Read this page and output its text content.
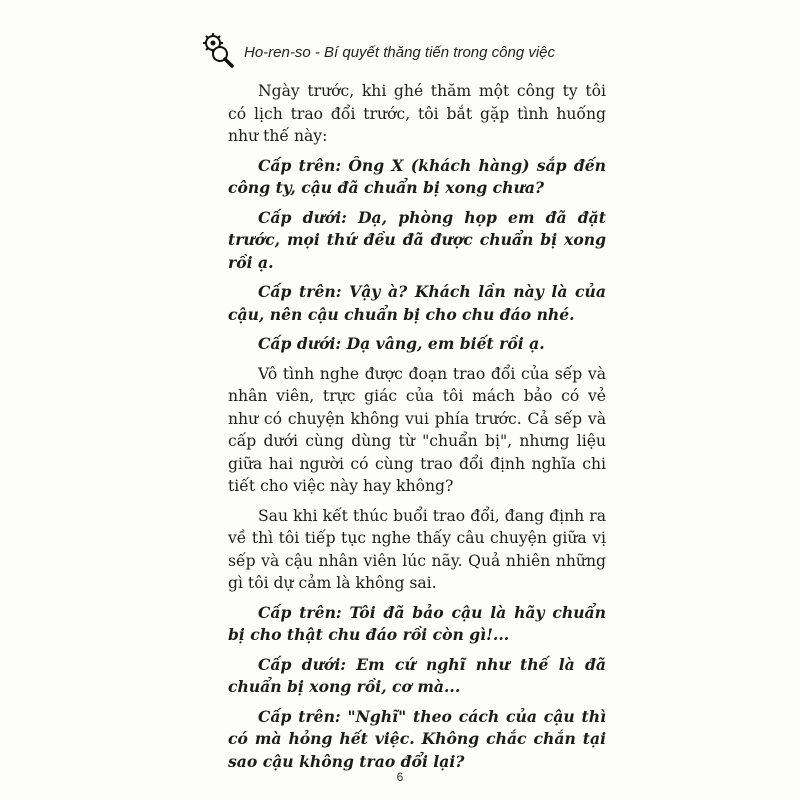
Ho-ren-so - Bí quyết thăng tiến trong công việc

Ngày trước, khi ghé thăm một công ty tôi có lịch trao đổi trước, tôi bắt gặp tình huống như thế này:

Cấp trên: Ông X (khách hàng) sắp đến công ty, cậu đã chuẩn bị xong chưa?

Cấp dưới: Dạ, phòng họp em đã đặt trước, mọi thứ đều đã được chuẩn bị xong rồi ạ.

Cấp trên: Vậy à? Khách lần này là của cậu, nên cậu chuẩn bị cho chu đáo nhé.

Cấp dưới: Dạ vâng, em biết rồi ạ.

Vô tình nghe được đoạn trao đổi của sếp và nhân viên, trực giác của tôi mách bảo có vẻ như có chuyện không vui phía trước. Cả sếp và cấp dưới cùng dùng từ "chuẩn bị", nhưng liệu giữa hai người có cùng trao đổi định nghĩa chi tiết cho việc này hay không?

Sau khi kết thúc buổi trao đổi, đang định ra về thì tôi tiếp tục nghe thấy câu chuyện giữa vị sếp và cậu nhân viên lúc nãy. Quả nhiên những gì tôi dự cảm là không sai.

Cấp trên: Tôi đã bảo cậu là hãy chuẩn bị cho thật chu đáo rồi còn gì!...

Cấp dưới: Em cứ nghĩ như thế là đã chuẩn bị xong rồi, cơ mà...

Cấp trên: "Nghĩ" theo cách của cậu thì có mà hỏng hết việc. Không chắc chắn tại sao cậu không trao đổi lại?

6
